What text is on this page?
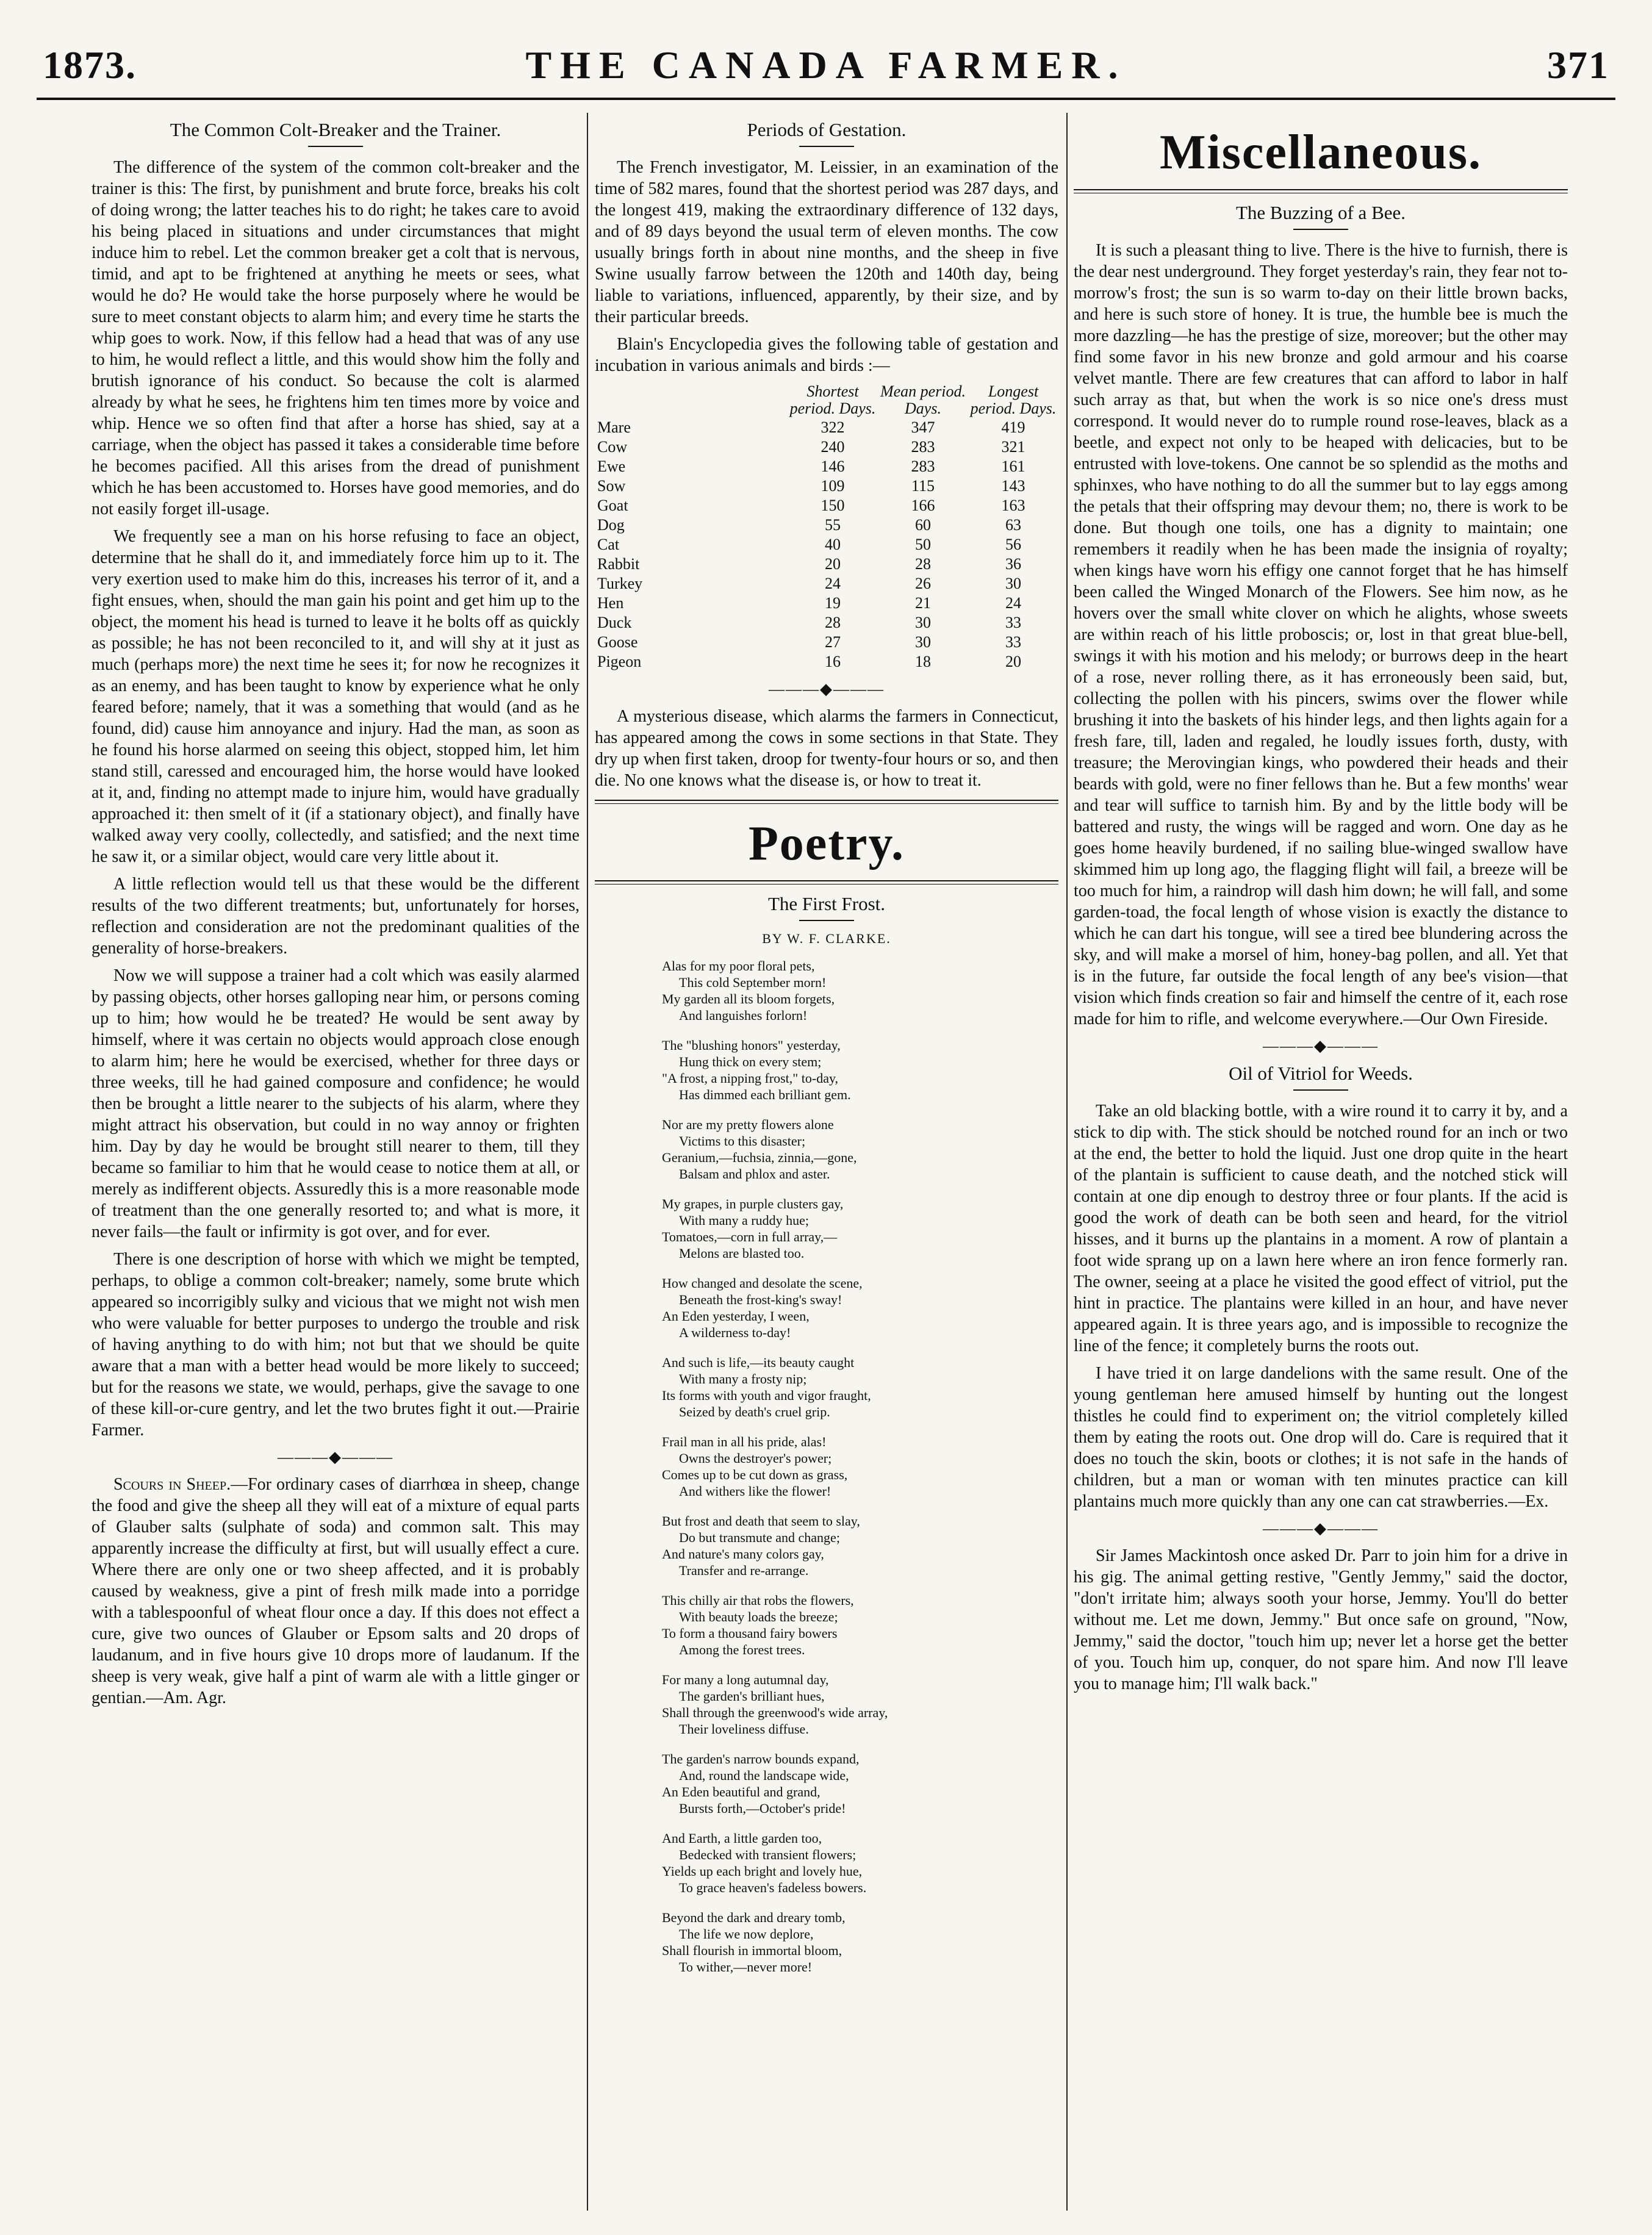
1873.	THE CANADA FARMER.	371
The Common Colt-Breaker and the Trainer.

The difference of the system of the common colt-breaker and the trainer is this: The first, by punishment and brute force, breaks his colt of doing wrong; the latter teaches his to do right; he takes care to avoid his being placed in situations and under circumstances that might induce him to rebel. Let the common breaker get a colt that is nervous, timid, and apt to be frightened at anything he meets or sees, what would he do? He would take the horse purposely where he would be sure to meet constant objects to alarm him; and every time he starts the whip goes to work. Now, if this fellow had a head that was of any use to him, he would reflect a little, and this would show him the folly and brutish ignorance of his conduct. So because the colt is alarmed already by what he sees, he frightens him ten times more by voice and whip. Hence we so often find that after a horse has shied, say at a carriage, when the object has passed it takes a considerable time before he becomes pacified. All this arises from the dread of punishment which he has been accustomed to. Horses have good memories, and do not easily forget ill-usage.

We frequently see a man on his horse refusing to face an object, determine that he shall do it, and immediately force him up to it. The very exertion used to make him do this, increases his terror of it, and a fight ensues, when, should the man gain his point and get him up to the object, the moment his head is turned to leave it he bolts off as quickly as possible; he has not been reconciled to it, and will shy at it just as much (perhaps more) the next time he sees it; for now he recognizes it as an enemy, and has been taught to know by experience what he only feared before; namely, that it was a something that would (and as he found, did) cause him annoyance and injury. Had the man, as soon as he found his horse alarmed on seeing this object, stopped him, let him stand still, caressed and encouraged him, the horse would have looked at it, and, finding no attempt made to injure him, would have gradually approached it: then smelt of it (if a stationary object), and finally have walked away very coolly, collectedly, and satisfied; and the next time he saw it, or a similar object, would care very little about it.

A little reflection would tell us that these would be the different results of the two different treatments; but, unfortunately for horses, reflection and consideration are not the predominant qualities of the generality of horse-breakers.

Now we will suppose a trainer had a colt which was easily alarmed by passing objects, other horses galloping near him, or persons coming up to him; how would he be treated? He would be sent away by himself, where it was certain no objects would approach close enough to alarm him; here he would be exercised, whether for three days or three weeks, till he had gained composure and confidence; he would then be brought a little nearer to the subjects of his alarm, where they might attract his observation, but could in no way annoy or frighten him. Day by day he would be brought still nearer to them, till they became so familiar to him that he would cease to notice them at all, or merely as indifferent objects. Assuredly this is a more reasonable mode of treatment than the one generally resorted to; and what is more, it never fails—the fault or infirmity is got over, and for ever.

There is one description of horse with which we might be tempted, perhaps, to oblige a common colt-breaker; namely, some brute which appeared so incorrigibly sulky and vicious that we might not wish men who were valuable for better purposes to undergo the trouble and risk of having anything to do with him; not but that we should be quite aware that a man with a better head would be more likely to succeed; but for the reasons we state, we would, perhaps, give the savage to one of these kill-or-cure gentry, and let the two brutes fight it out.—Prairie Farmer.

———◆———

Scours in Sheep.—For ordinary cases of diarrhœa in sheep, change the food and give the sheep all they will eat of a mixture of equal parts of Glauber salts (sulphate of soda) and common salt. This may apparently increase the difficulty at first, but will usually effect a cure. Where there are only one or two sheep affected, and it is probably caused by weakness, give a pint of fresh milk made into a porridge with a tablespoonful of wheat flour once a day. If this does not effect a cure, give two ounces of Glauber or Epsom salts and 20 drops of laudanum, and in five hours give 10 drops more of laudanum. If the sheep is very weak, give half a pint of warm ale with a little ginger or gentian.—Am. Agr.

Periods of Gestation.

The French investigator, M. Leissier, in an examination of the time of 582 mares, found that the shortest period was 287 days, and the longest 419, making the extraordinary difference of 132 days, and of 89 days beyond the usual term of eleven months. The cow usually brings forth in about nine months, and the sheep in five Swine usually farrow between the 120th and 140th day, being liable to variations, influenced, apparently, by their size, and by their particular breeds.

Blain's Encyclopedia gives the following table of gestation and incubation in various animals and birds :—

	Shortest period. Days.	Mean period. Days.	Longest period. Days.
Mare	322	347	419
Cow	240	283	321
Ewe	146	283	161
Sow	109	115	143
Goat	150	166	163
Dog	55	60	63
Cat	40	50	56
Rabbit	20	28	36
Turkey	24	26	30
Hen	19	21	24
Duck	28	30	33
Goose	27	30	33
Pigeon	16	18	20
———◆———

A mysterious disease, which alarms the farmers in Connecticut, has appeared among the cows in some sections in that State. They dry up when first taken, droop for twenty-four hours or so, and then die. No one knows what the disease is, or how to treat it.

Poetry.
The First Frost.
BY W. F. CLARKE.
Alas for my poor floral pets,
This cold September morn!
My garden all its bloom forgets,
And languishes forlorn!
The "blushing honors" yesterday,
Hung thick on every stem;
"A frost, a nipping frost," to-day,
Has dimmed each brilliant gem.
Nor are my pretty flowers alone
Victims to this disaster;
Geranium,—fuchsia, zinnia,—gone,
Balsam and phlox and aster.
My grapes, in purple clusters gay,
With many a ruddy hue;
Tomatoes,—corn in full array,—
Melons are blasted too.
How changed and desolate the scene,
Beneath the frost-king's sway!
An Eden yesterday, I ween,
A wilderness to-day!
And such is life,—its beauty caught
With many a frosty nip;
Its forms with youth and vigor fraught,
Seized by death's cruel grip.
Frail man in all his pride, alas!
Owns the destroyer's power;
Comes up to be cut down as grass,
And withers like the flower!
But frost and death that seem to slay,
Do but transmute and change;
And nature's many colors gay,
Transfer and re-arrange.
This chilly air that robs the flowers,
With beauty loads the breeze;
To form a thousand fairy bowers
Among the forest trees.
For many a long autumnal day,
The garden's brilliant hues,
Shall through the greenwood's wide array,
Their loveliness diffuse.
The garden's narrow bounds expand,
And, round the landscape wide,
An Eden beautiful and grand,
Bursts forth,—October's pride!
And Earth, a little garden too,
Bedecked with transient flowers;
Yields up each bright and lovely hue,
To grace heaven's fadeless bowers.
Beyond the dark and dreary tomb,
The life we now deplore,
Shall flourish in immortal bloom,
To wither,—never more!
Miscellaneous.
The Buzzing of a Bee.

It is such a pleasant thing to live. There is the hive to furnish, there is the dear nest underground. They forget yesterday's rain, they fear not to-morrow's frost; the sun is so warm to-day on their little brown backs, and here is such store of honey. It is true, the humble bee is much the more dazzling—he has the prestige of size, moreover; but the other may find some favor in his new bronze and gold armour and his coarse velvet mantle. There are few creatures that can afford to labor in half such array as that, but when the work is so nice one's dress must correspond. It would never do to rumple round rose-leaves, black as a beetle, and expect not only to be heaped with delicacies, but to be entrusted with love-tokens. One cannot be so splendid as the moths and sphinxes, who have nothing to do all the summer but to lay eggs among the petals that their offspring may devour them; no, there is work to be done. But though one toils, one has a dignity to maintain; one remembers it readily when he has been made the insignia of royalty; when kings have worn his effigy one cannot forget that he has himself been called the Winged Monarch of the Flowers. See him now, as he hovers over the small white clover on which he alights, whose sweets are within reach of his little proboscis; or, lost in that great blue-bell, swings it with his motion and his melody; or burrows deep in the heart of a rose, never rolling there, as it has erroneously been said, but, collecting the pollen with his pincers, swims over the flower while brushing it into the baskets of his hinder legs, and then lights again for a fresh fare, till, laden and regaled, he loudly issues forth, dusty, with treasure; the Merovingian kings, who powdered their heads and their beards with gold, were no finer fellows than he. But a few months' wear and tear will suffice to tarnish him. By and by the little body will be battered and rusty, the wings will be ragged and worn. One day as he goes home heavily burdened, if no sailing blue-winged swallow have skimmed him up long ago, the flagging flight will fail, a breeze will be too much for him, a raindrop will dash him down; he will fall, and some garden-toad, the focal length of whose vision is exactly the distance to which he can dart his tongue, will see a tired bee blundering across the sky, and will make a morsel of him, honey-bag pollen, and all. Yet that is in the future, far outside the focal length of any bee's vision—that vision which finds creation so fair and himself the centre of it, each rose made for him to rifle, and welcome everywhere.—Our Own Fireside.

———◆———
Oil of Vitriol for Weeds.

Take an old blacking bottle, with a wire round it to carry it by, and a stick to dip with. The stick should be notched round for an inch or two at the end, the better to hold the liquid. Just one drop quite in the heart of the plantain is sufficient to cause death, and the notched stick will contain at one dip enough to destroy three or four plants. If the acid is good the work of death can be both seen and heard, for the vitriol hisses, and it burns up the plantains in a moment. A row of plantain a foot wide sprang up on a lawn here where an iron fence formerly ran. The owner, seeing at a place he visited the good effect of vitriol, put the hint in practice. The plantains were killed in an hour, and have never appeared again. It is three years ago, and is impossible to recognize the line of the fence; it completely burns the roots out.

I have tried it on large dandelions with the same result. One of the young gentleman here amused himself by hunting out the longest thistles he could find to experiment on; the vitriol completely killed them by eating the roots out. One drop will do. Care is required that it does no touch the skin, boots or clothes; it is not safe in the hands of children, but a man or woman with ten minutes practice can kill plantains much more quickly than any one can cat strawberries.—Ex.

———◆———

Sir James Mackintosh once asked Dr. Parr to join him for a drive in his gig. The animal getting restive, "Gently Jemmy," said the doctor, "don't irritate him; always sooth your horse, Jemmy. You'll do better without me. Let me down, Jemmy." But once safe on ground, "Now, Jemmy," said the doctor, "touch him up; never let a horse get the better of you. Touch him up, conquer, do not spare him. And now I'll leave you to manage him; I'll walk back."
